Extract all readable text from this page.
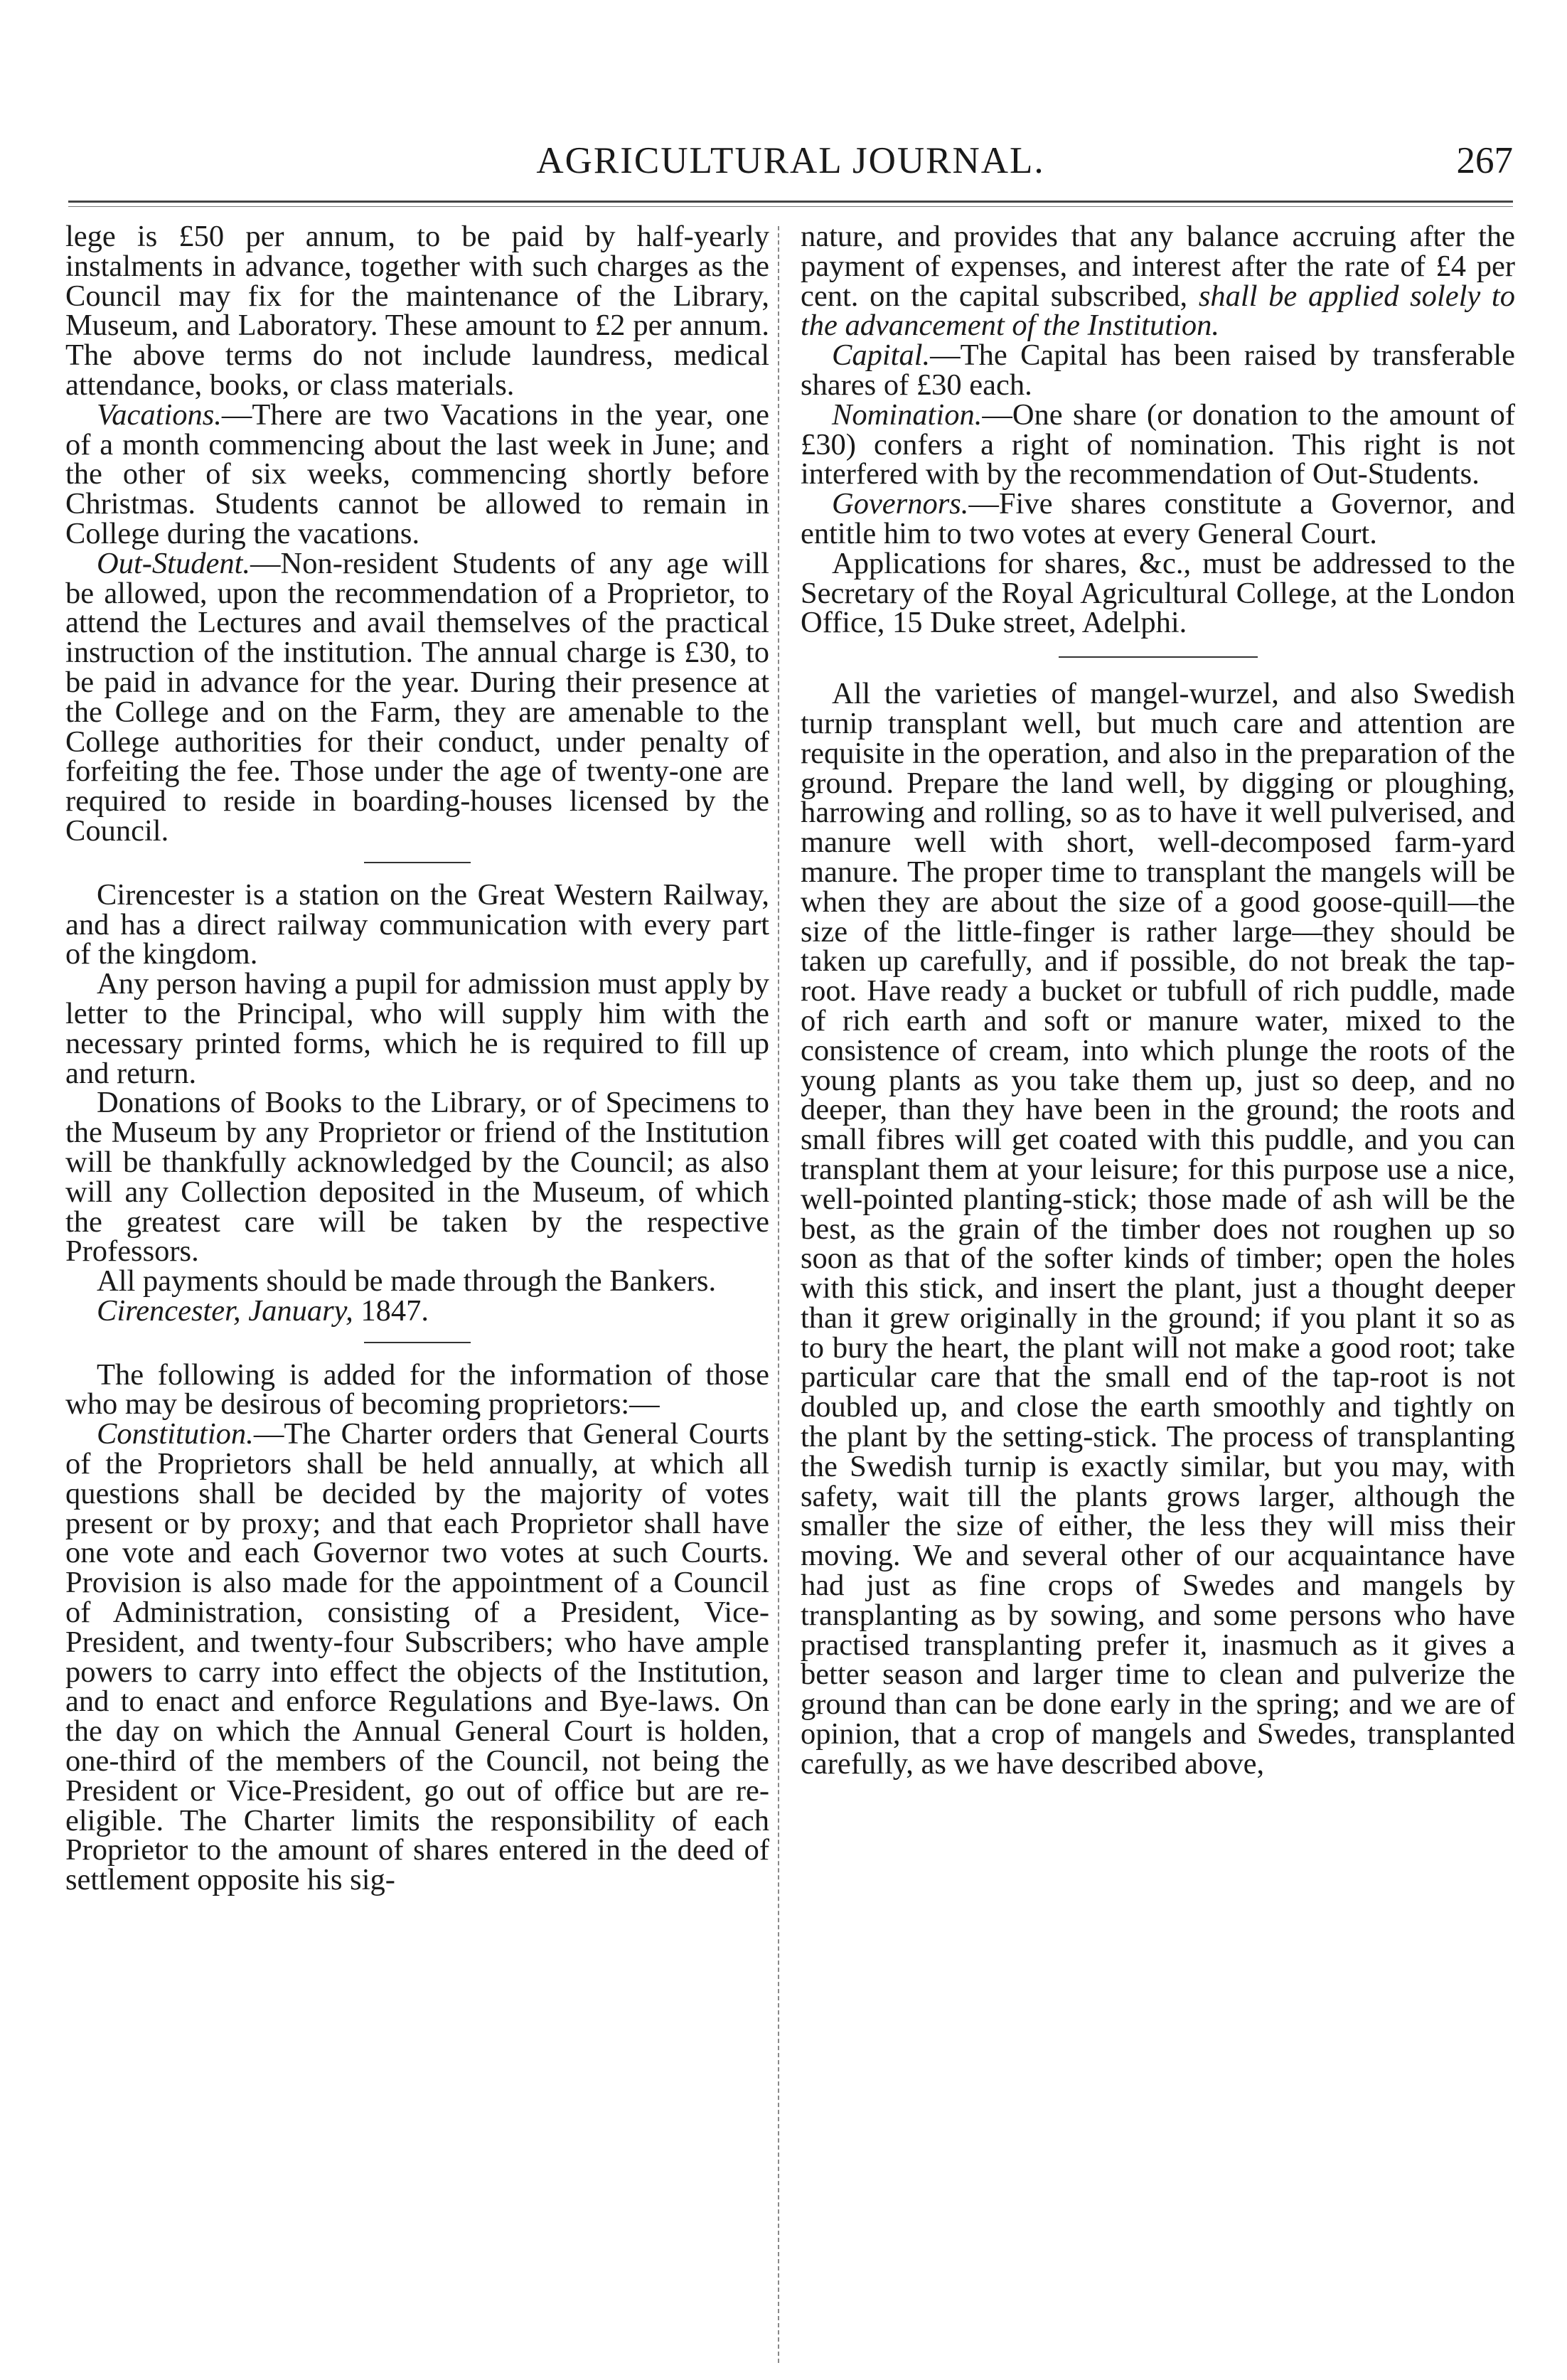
AGRICULTURAL JOURNAL.	267

lege is £50 per annum, to be paid by half-yearly instalments in advance, together with such charges as the Council may fix for the maintenance of the Library, Museum, and Laboratory. These amount to £2 per annum. The above terms do not include laundress, medical attendance, books, or class materials.

Vacations.—There are two Vacations in the year, one of a month commencing about the last week in June; and the other of six weeks, commencing shortly before Christmas. Students cannot be allowed to remain in College during the vacations.

Out-Student.—Non-resident Students of any age will be allowed, upon the recommendation of a Proprietor, to attend the Lectures and avail themselves of the practical instruction of the institution. The annual charge is £30, to be paid in advance for the year. During their presence at the College and on the Farm, they are amenable to the College authorities for their conduct, under penalty of forfeiting the fee. Those under the age of twenty-one are required to reside in boarding-houses licensed by the Council.

Cirencester is a station on the Great Western Railway, and has a direct railway communication with every part of the kingdom.

Any person having a pupil for admission must apply by letter to the Principal, who will supply him with the necessary printed forms, which he is required to fill up and return.

Donations of Books to the Library, or of Specimens to the Museum by any Proprietor or friend of the Institution will be thankfully acknowledged by the Council; as also will any Collection deposited in the Museum, of which the greatest care will be taken by the respective Professors.

All payments should be made through the Bankers.

Cirencester, January, 1847.

The following is added for the information of those who may be desirous of becoming proprietors:—

Constitution.—The Charter orders that General Courts of the Proprietors shall be held annually, at which all questions shall be decided by the majority of votes present or by proxy; and that each Proprietor shall have one vote and each Governor two votes at such Courts. Provision is also made for the appointment of a Council of Administration, consisting of a President, Vice-President, and twenty-four Subscribers; who have ample powers to carry into effect the objects of the Institution, and to enact and enforce Regulations and Bye-laws. On the day on which the Annual General Court is holden, one-third of the members of the Council, not being the President or Vice-President, go out of office but are re-eligible. The Charter limits the responsibility of each Proprietor to the amount of shares entered in the deed of settlement opposite his sig-

nature, and provides that any balance accruing after the payment of expenses, and interest after the rate of £4 per cent. on the capital subscribed, shall be applied solely to the advancement of the Institution.

Capital.—The Capital has been raised by transferable shares of £30 each.

Nomination.—One share (or donation to the amount of £30) confers a right of nomination. This right is not interfered with by the recommendation of Out-Students.

Governors.—Five shares constitute a Governor, and entitle him to two votes at every General Court.

Applications for shares, &c., must be addressed to the Secretary of the Royal Agricultural College, at the London Office, 15 Duke street, Adelphi.

All the varieties of mangel-wurzel, and also Swedish turnip transplant well, but much care and attention are requisite in the operation, and also in the preparation of the ground. Prepare the land well, by digging or ploughing, harrowing and rolling, so as to have it well pulverised, and manure well with short, well-decomposed farm-yard manure. The proper time to transplant the mangels will be when they are about the size of a good goose-quill—the size of the little-finger is rather large—they should be taken up carefully, and if possible, do not break the tap-root. Have ready a bucket or tubfull of rich puddle, made of rich earth and soft or manure water, mixed to the consistence of cream, into which plunge the roots of the young plants as you take them up, just so deep, and no deeper, than they have been in the ground; the roots and small fibres will get coated with this puddle, and you can transplant them at your leisure; for this purpose use a nice, well-pointed planting-stick; those made of ash will be the best, as the grain of the timber does not roughen up so soon as that of the softer kinds of timber; open the holes with this stick, and insert the plant, just a thought deeper than it grew originally in the ground; if you plant it so as to bury the heart, the plant will not make a good root; take particular care that the small end of the tap-root is not doubled up, and close the earth smoothly and tightly on the plant by the setting-stick. The process of transplanting the Swedish turnip is exactly similar, but you may, with safety, wait till the plants grows larger, although the smaller the size of either, the less they will miss their moving. We and several other of our acquaintance have had just as fine crops of Swedes and mangels by transplanting as by sowing, and some persons who have practised transplanting prefer it, inasmuch as it gives a better season and larger time to clean and pulverize the ground than can be done early in the spring; and we are of opinion, that a crop of mangels and Swedes, transplanted carefully, as we have described above,
